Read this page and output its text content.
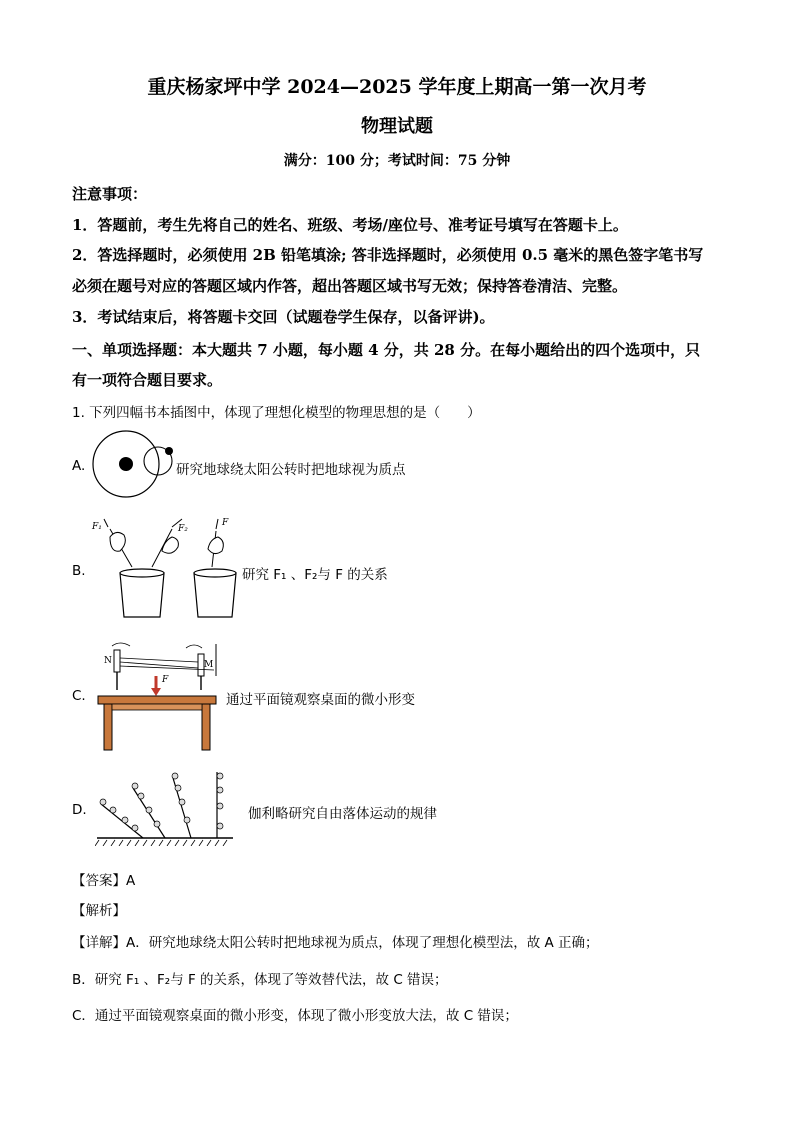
重庆杨家坪中学 2024—2025 学年度上期高一第一次月考
物理试题
满分：100 分；考试时间：75 分钟
注意事项：
1．答题前，考生先将自己的姓名、班级、考场/座位号、准考证号填写在答题卡上。
2．答选择题时，必须使用 2B 铅笔填涂; 答非选择题时，必须使用 0.5 毫米的黑色签字笔书写
必须在题号对应的答题区域内作答，超出答题区域书写无效；保持答卷清洁、完整。
3．考试结束后，将答题卡交回（试题卷学生保存，以备评讲)。
一、单项选择题：本大题共 7 小题，每小题 4 分，共 28 分。在每小题给出的四个选项中，只
有一项符合题目要求。
1. 下列四幅书本插图中，体现了理想化模型的物理思想的是（　　）
A.	研究地球绕太阳公转时把地球视为质点
B.
F₁	F₂
F
研究 F₁ 、F₂与 F 的关系
C.
N	M
F
通过平面镜观察桌面的微小形变
D.	伽利略研究自由落体运动的规律
【答案】A
【解析】
【详解】A．研究地球绕太阳公转时把地球视为质点，体现了理想化模型法，故 A 正确；
B．研究 F₁ 、F₂与 F 的关系，体现了等效替代法，故 C 错误；
C．通过平面镜观察桌面的微小形变，体现了微小形变放大法，故 C 错误；
